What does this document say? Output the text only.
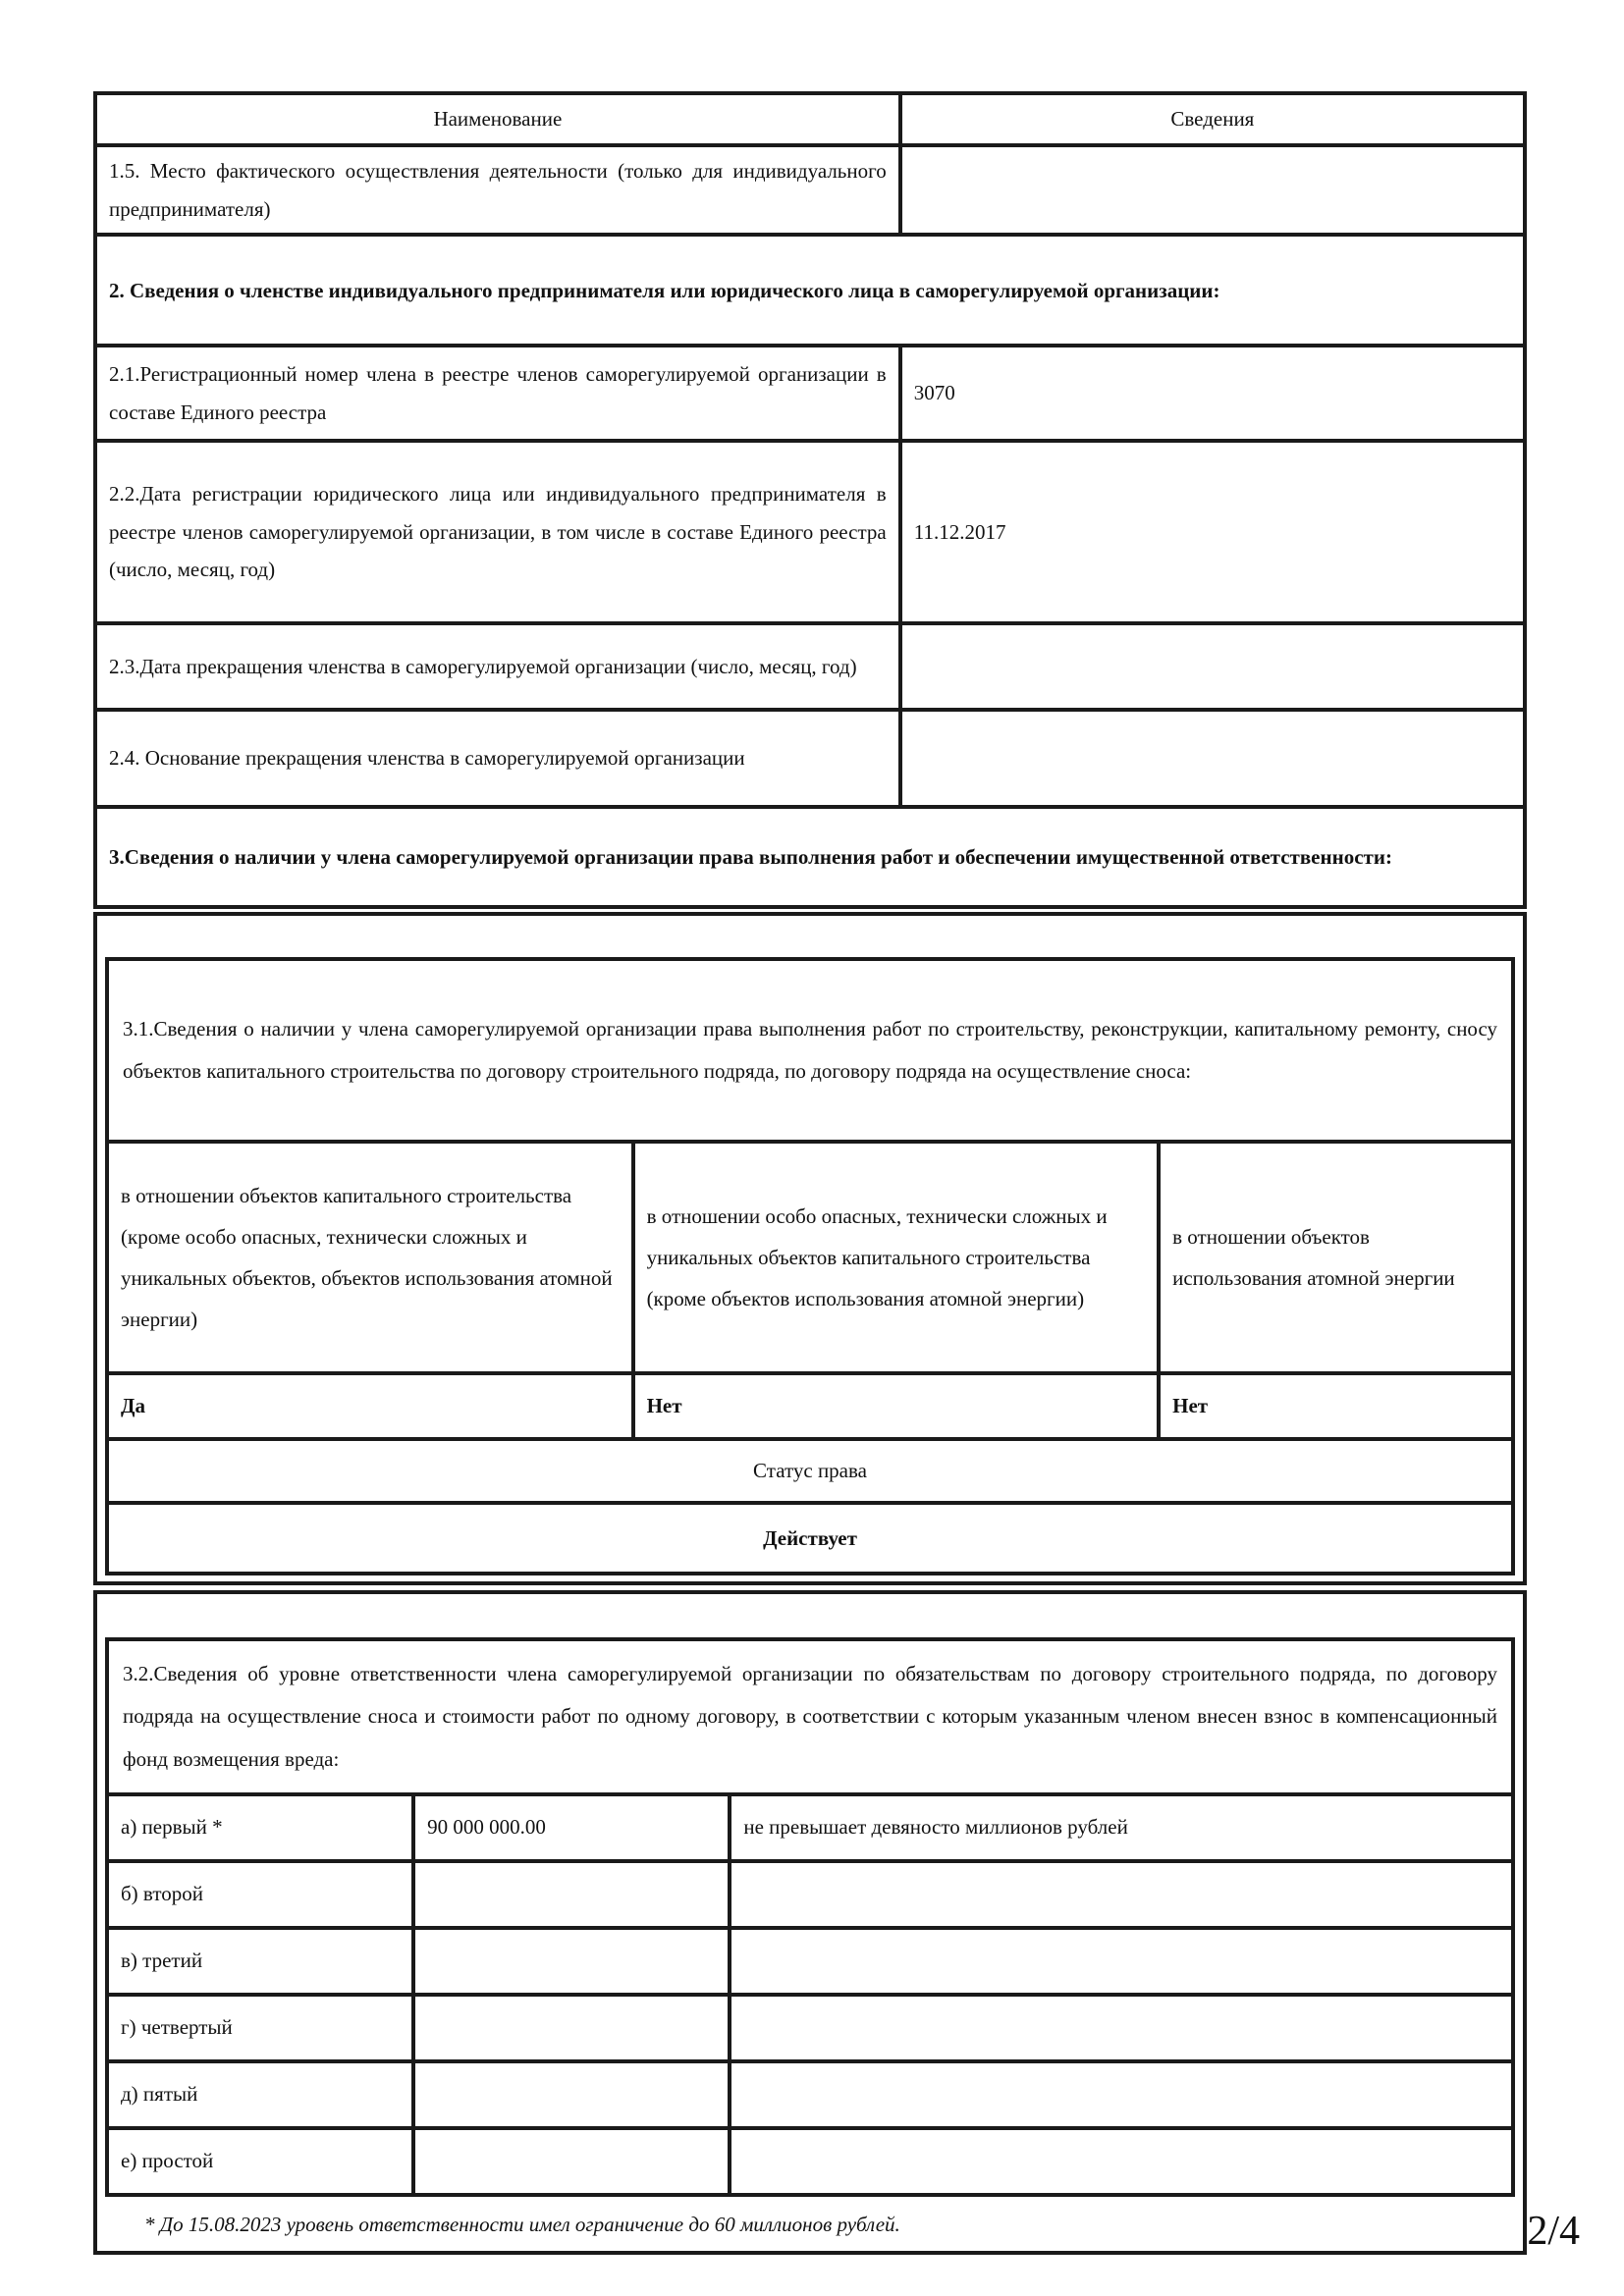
Наименование	Сведения
1.5. Место фактического осуществления деятельности (только для индивидуального предпринимателя)	
2. Сведения о членстве индивидуального предпринимателя или юридического лица в саморегулируемой организации:	
2.1.Регистрационный номер члена в реестре членов саморегулируемой организации в составе Единого реестра	3070
2.2.Дата регистрации юридического лица или индивидуального предпринимателя в реестре членов саморегулируемой организации, в том числе в составе Единого реестра (число, месяц, год)	11.12.2017
2.3.Дата прекращения членства в саморегулируемой организации (число, месяц, год)	
2.4. Основание прекращения членства в саморегулируемой организации	
3.Сведения о наличии у члена саморегулируемой организации права выполнения работ и обеспечении имущественной ответственности:	
3.1.Сведения о наличии у члена саморегулируемой организации права выполнения работ по строительству, реконструкции, капитальному ремонту, сносу объектов капитального строительства по договору строительного подряда, по договору подряда на осуществление сноса:		
в отношении объектов капитального строительства (кроме особо опасных, технически сложных и уникальных объектов, объектов использования атомной энергии)	в отношении особо опасных, технически сложных и уникальных объектов капитального строительства (кроме объектов использования атомной энергии)	в отношении объектов использования атомной энергии
Да	Нет	Нет
Статус права		
Действует		
3.2.Сведения об уровне ответственности члена саморегулируемой организации по обязательствам по договору строительного подряда, по договору подряда на осуществление сноса и стоимости работ по одному договору, в соответствии с которым указанным членом внесен взнос в компенсационный фонд возмещения вреда:		
а) первый *	90 000 000.00	не превышает девяносто миллионов рублей
б) второй		
в) третий		
г) четвертый		
д) пятый		
е) простой		
* До 15.08.2023 уровень ответственности имел ограничение до 60 миллионов рублей.	2/4
